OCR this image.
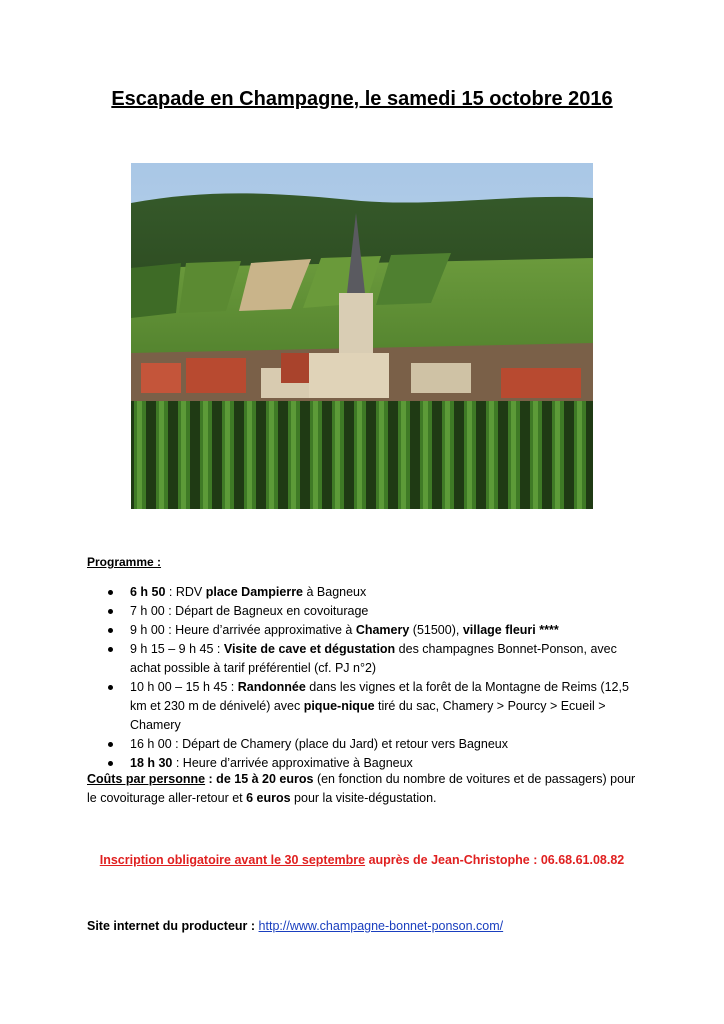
Escapade en Champagne, le samedi 15 octobre 2016
Programme :
6 h 50 : RDV place Dampierre à Bagneux
7 h 00 : Départ de Bagneux en covoiturage
9 h 00 : Heure d’arrivée approximative à Chamery (51500), village fleuri ****
9 h 15 – 9 h 45 : Visite de cave et dégustation des champagnes Bonnet-Ponson, avec achat possible à tarif préférentiel (cf. PJ n°2)
10 h 00 – 15 h 45 : Randonnée dans les vignes et la forêt de la Montagne de Reims (12,5 km et 230 m de dénivelé) avec pique-nique tiré du sac, Chamery > Pourcy > Ecueil > Chamery
16 h 00 : Départ de Chamery (place du Jard) et retour vers Bagneux
18 h 30 : Heure d’arrivée approximative à Bagneux
Coûts par personne : de 15 à 20 euros (en fonction du nombre de voitures et de passagers) pour le covoiturage aller-retour et 6 euros pour la visite-dégustation.
Inscription obligatoire avant le 30 septembre auprès de Jean-Christophe : 06.68.61.08.82
Site internet du producteur : http://www.champagne-bonnet-ponson.com/
